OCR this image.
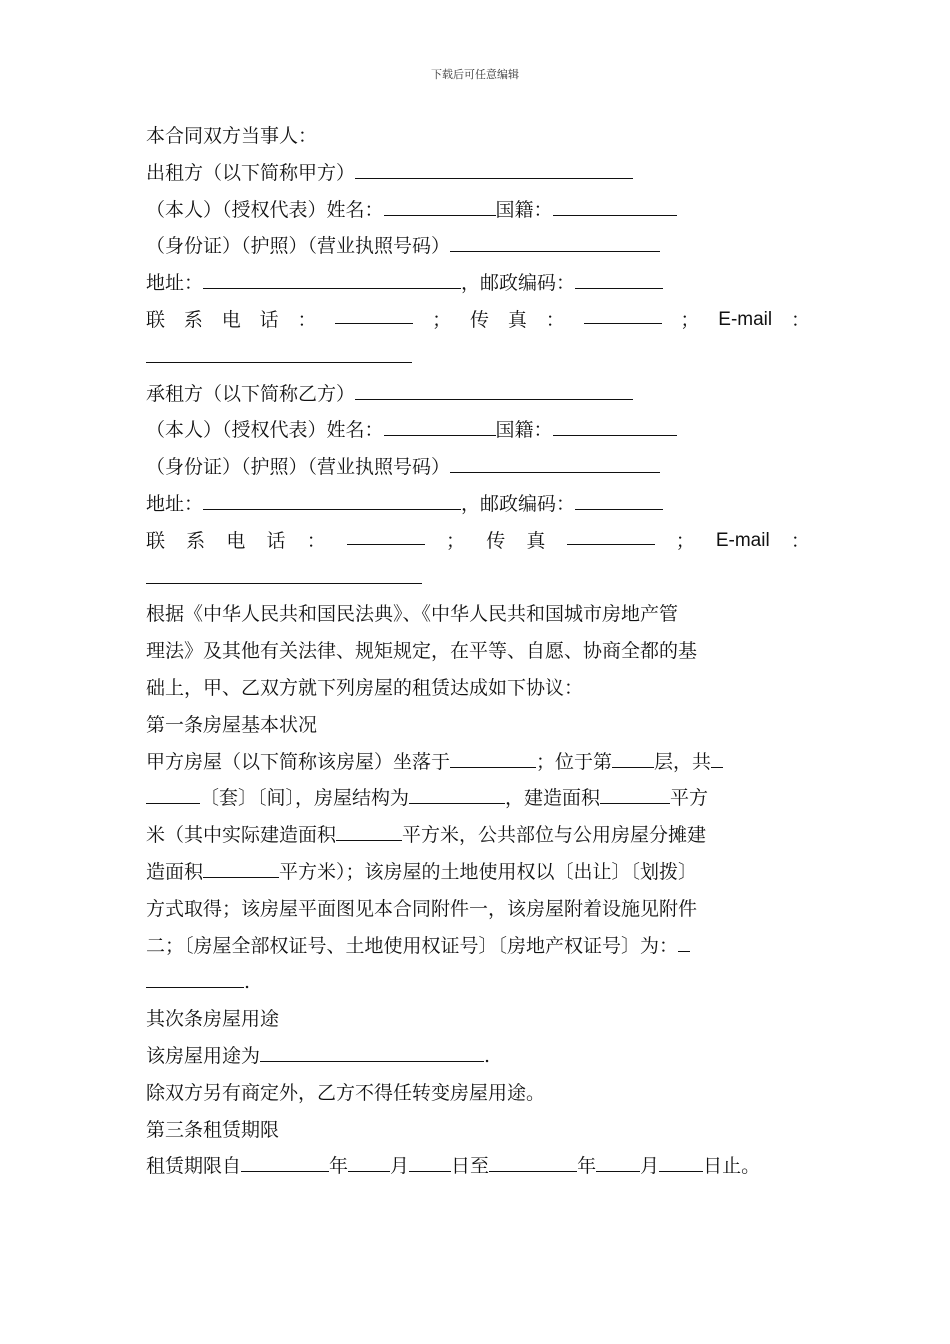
下载后可任意编辑
本合同双方当事人：
出租方（以下简称甲方）
（本人）（授权代表）姓名：	国籍：
（身份证）（护照）（营业执照号码）
地址：	，邮政编码：
联 系 电 话 ：	； 传 真 ：	； E-mail ：
承租方（以下简称乙方）
（本人）（授权代表）姓名：	国籍：
（身份证）（护照）（营业执照号码）
地址：	，邮政编码：
联 系 电 话 ：	； 传 真	； E-mail ：
根据《中华人民共和国民法典》、《中华人民共和国城市房地产管
理法》及其他有关法律、规矩规定，在平等、自愿、协商全都的基
础上，甲、乙双方就下列房屋的租赁达成如下协议：
第一条房屋基本状况
甲方房屋（以下简称该房屋）坐落于	；位于第 层，共
〔套〕〔间〕，房屋结构为	，建造面积	平方
米（其中实际建造面积	平方米，公共部位与公用房屋分摊建
造面积	平方米）；该房屋的土地使用权以〔出让〕〔划拨〕
方式取得；该房屋平面图见本合同附件一，该房屋附着设施见附件
二；〔房屋全部权证号、土地使用权证号〕〔房地产权证号〕为：
.
其次条房屋用途
该房屋用途为	.
除双方另有商定外，乙方不得任转变房屋用途。
第三条租赁期限
租赁期限自	年 月 日至	年 月 日止。
